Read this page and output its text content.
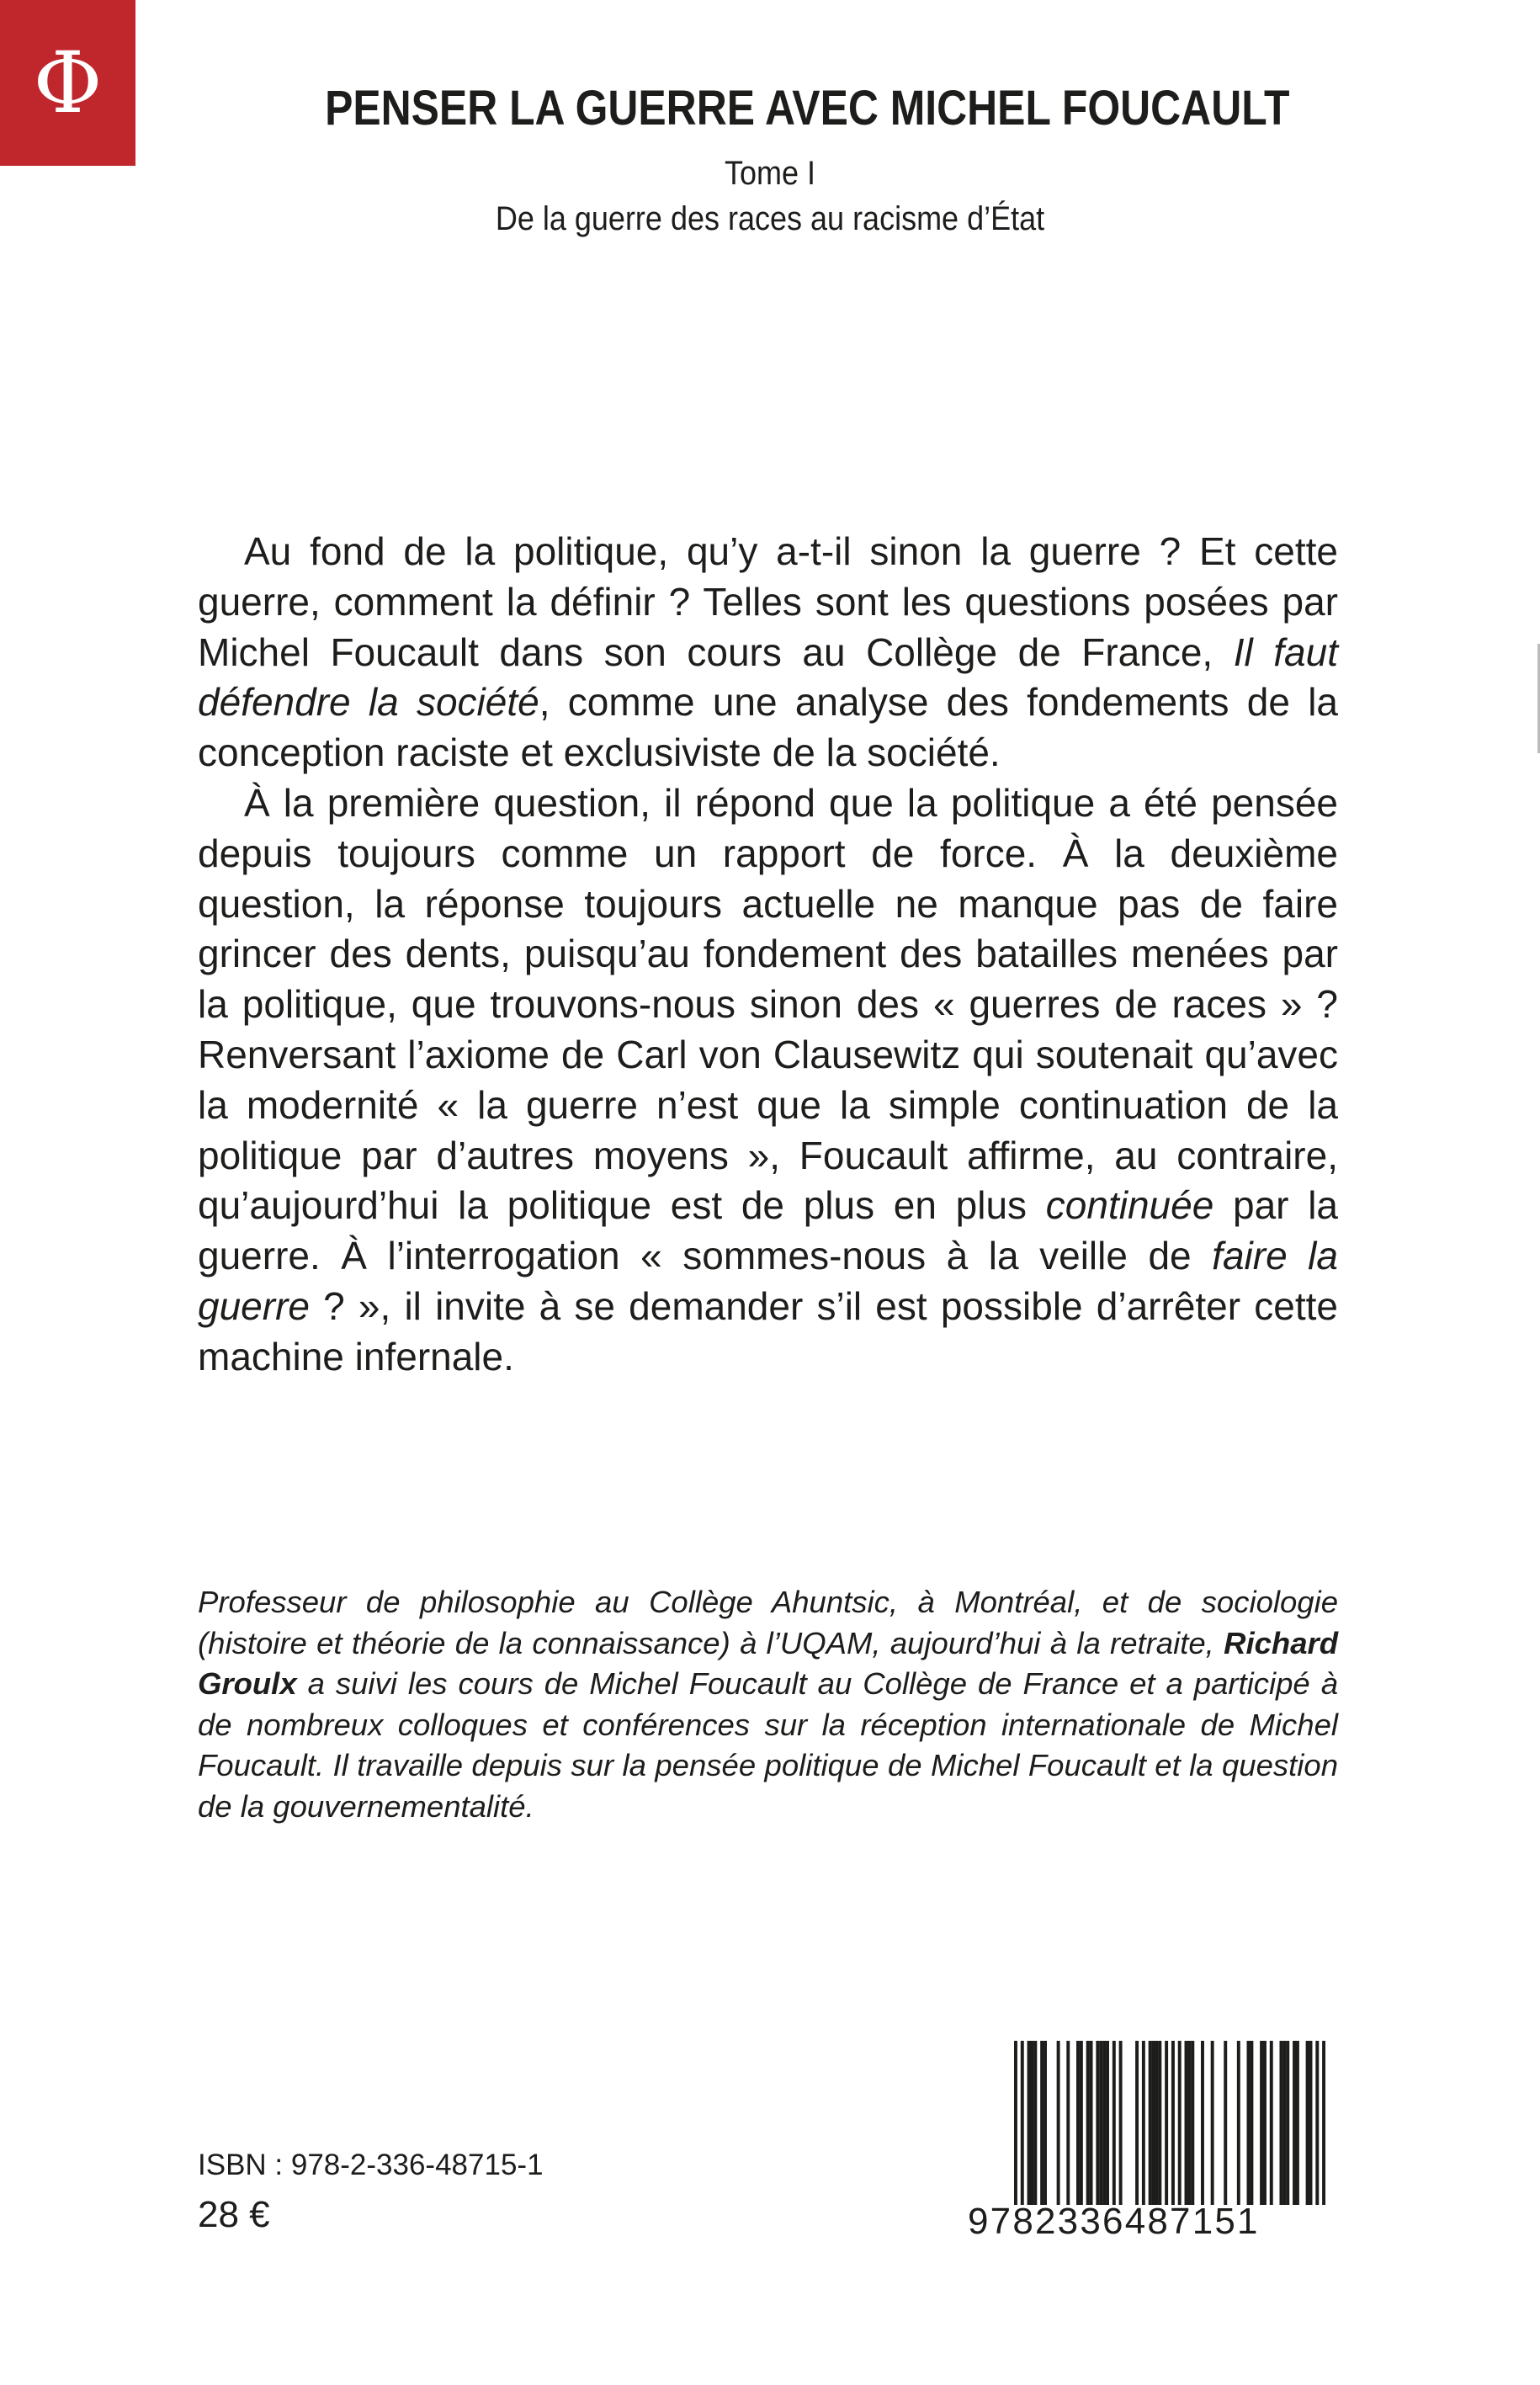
Φ	PENSER LA GUERRE AVEC MICHEL FOUCAULT
Tome I
De la guerre des races au racisme d’État

Au fond de la politique, qu’y a-t-il sinon la guerre ? Et cette guerre, comment la définir ? Telles sont les questions posées par Michel Foucault dans son cours au Collège de France, Il faut défendre la société, comme une analyse des fondements de la conception raciste et exclusiviste de la société.

À la première question, il répond que la politique a été pensée depuis toujours comme un rapport de force. À la deuxième question, la réponse toujours actuelle ne manque pas de faire grincer des dents, puisqu’au fondement des batailles menées par la politique, que trouvons-nous sinon des « guerres de races » ? Renversant l’axiome de Carl von Clausewitz qui soutenait qu’avec la modernité « la guerre n’est que la simple continuation de la politique par d’autres moyens », Foucault affirme, au contraire, qu’aujourd’hui la politique est de plus en plus continuée par la guerre. À l’interrogation « sommes-nous à la veille de faire la guerre ? », il invite à se demander s’il est possible d’arrêter cette machine infernale.

Professeur de philosophie au Collège Ahuntsic, à Montréal, et de sociologie (histoire et théorie de la connaissance) à l’UQAM, aujourd’hui à la retraite, Richard Groulx a suivi les cours de Michel Foucault au Collège de France et a participé à de nombreux colloques et conférences sur la réception internationale de Michel Foucault. Il travaille depuis sur la pensée politique de Michel Foucault et la question de la gouvernementalité.
ISBN : 978-2-336-48715-1
28 €	9782336487151
